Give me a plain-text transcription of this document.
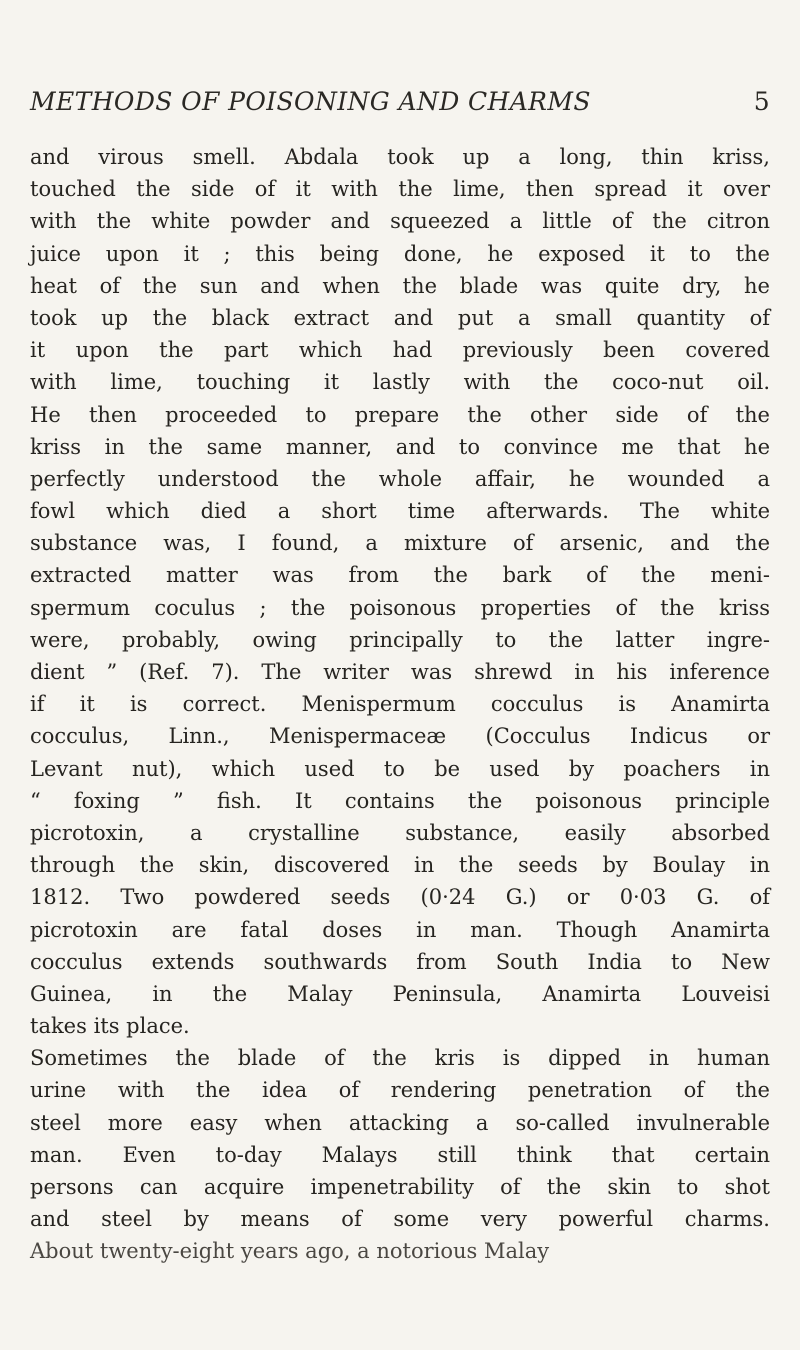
METHODS OF POISONING AND CHARMS	5
and virous smell. Abdala took up a long, thin kriss,
touched the side of it with the lime, then spread it over
with the white powder and squeezed a little of the citron
juice upon it ; this being done, he exposed it to the
heat of the sun and when the blade was quite dry, he
took up the black extract and put a small quantity of
it upon the part which had previously been covered
with lime, touching it lastly with the coco-nut oil.
He then proceeded to prepare the other side of the
kriss in the same manner, and to convince me that he
perfectly understood the whole affair, he wounded a
fowl which died a short time afterwards. The white
substance was, I found, a mixture of arsenic, and the
extracted matter was from the bark of the meni-
spermum coculus ; the poisonous properties of the kriss
were, probably, owing principally to the latter ingre-
dient ” (Ref. 7). The writer was shrewd in his inference
if it is correct. Menispermum cocculus is Anamirta
cocculus, Linn., Menispermaceæ (Cocculus Indicus or
Levant nut), which used to be used by poachers in
“ foxing ” fish. It contains the poisonous principle
picrotoxin, a crystalline substance, easily absorbed
through the skin, discovered in the seeds by Boulay in
1812. Two powdered seeds (0·24 G.) or 0·03 G. of
picrotoxin are fatal doses in man. Though Anamirta
cocculus extends southwards from South India to New
Guinea, in the Malay Peninsula, Anamirta Louveisi
takes its place.
Sometimes the blade of the kris is dipped in human
urine with the idea of rendering penetration of the
steel more easy when attacking a so-called invulnerable
man. Even to-day Malays still think that certain
persons can acquire impenetrability of the skin to shot
and steel by means of some very powerful charms.
About twenty-eight years ago, a notorious Malay
